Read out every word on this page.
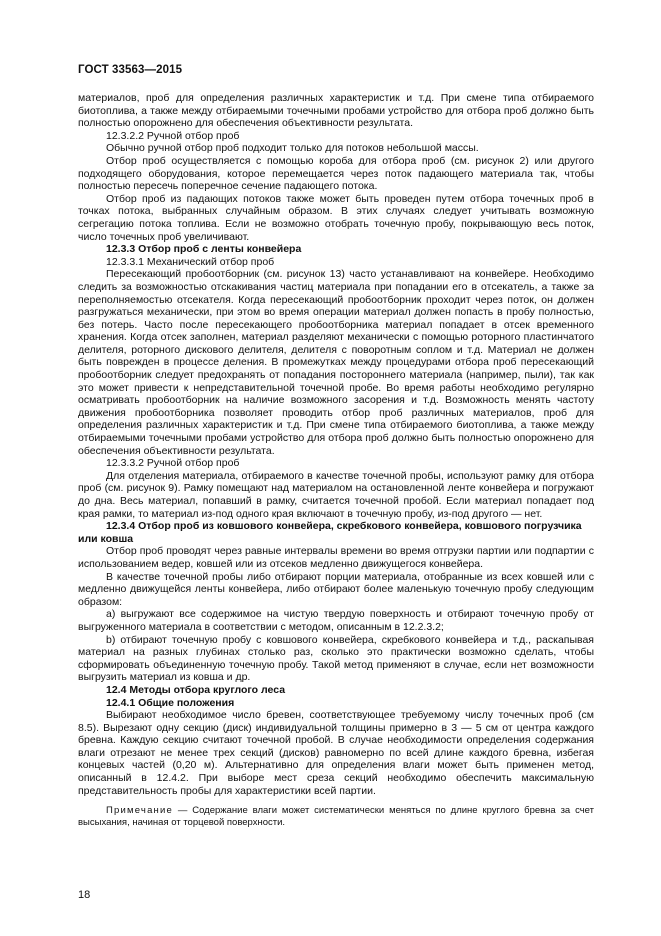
ГОСТ 33563—2015

материалов, проб для определения различных характеристик и т.д. При смене типа отбираемого биотоплива, а также между отбираемыми точечными пробами устройство для отбора проб должно быть полностью опорожнено для обеспечения объективности результата.

12.3.2.2 Ручной отбор проб

Обычно ручной отбор проб подходит только для потоков небольшой массы.

Отбор проб осуществляется с помощью короба для отбора проб (см. рисунок 2) или другого подходящего оборудования, которое перемещается через поток падающего материала так, чтобы полностью пересечь поперечное сечение падающего потока.

Отбор проб из падающих потоков также может быть проведен путем отбора точечных проб в точках потока, выбранных случайным образом. В этих случаях следует учитывать возможную сегрегацию потока топлива. Если не возможно отобрать точечную пробу, покрывающую весь поток, число точечных проб увеличивают.

12.3.3 Отбор проб с ленты конвейера

12.3.3.1 Механический отбор проб

Пересекающий пробоотборник (см. рисунок 13) часто устанавливают на конвейере. Необходимо следить за возможностью отскакивания частиц материала при попадании его в отсекатель, а также за переполняемостью отсекателя. Когда пересекающий пробоотборник проходит через поток, он должен разгружаться механически, при этом во время операции материал должен попасть в пробу полностью, без потерь. Часто после пересекающего пробоотборника материал попадает в отсек временного хранения. Когда отсек заполнен, материал разделяют механически с помощью роторного пластинчатого делителя, роторного дискового делителя, делителя с поворотным соплом и т.д. Материал не должен быть поврежден в процессе деления. В промежутках между процедурами отбора проб пересекающий пробоотборник следует предохранять от попадания постороннего материала (например, пыли), так как это может привести к непредставительной точечной пробе. Во время работы необходимо регулярно осматривать пробоотборник на наличие возможного засорения и т.д. Возможность менять частоту движения пробоотборника позволяет проводить отбор проб различных материалов, проб для определения различных характеристик и т.д. При смене типа отбираемого биотоплива, а также между отбираемыми точечными пробами устройство для отбора проб должно быть полностью опорожнено для обеспечения объективности результата.

12.3.3.2 Ручной отбор проб

Для отделения материала, отбираемого в качестве точечной пробы, используют рамку для отбора проб (см. рисунок 9). Рамку помещают над материалом на остановленной ленте конвейера и погружают до дна. Весь материал, попавший в рамку, считается точечной пробой. Если материал попадает под края рамки, то материал из-под одного края включают в точечную пробу, из-под другого — нет.

12.3.4 Отбор проб из ковшового конвейера, скребкового конвейера, ковшового погрузчика или ковша

Отбор проб проводят через равные интервалы времени во время отгрузки партии или подпартии с использованием ведер, ковшей или из отсеков медленно движущегося конвейера.

В качестве точечной пробы либо отбирают порции материала, отобранные из всех ковшей или с медленно движущейся ленты конвейера, либо отбирают более маленькую точечную пробу следующим образом:

а) выгружают все содержимое на чистую твердую поверхность и отбирают точечную пробу от выгруженного материала в соответствии с методом, описанным в 12.2.3.2;

b) отбирают точечную пробу с ковшового конвейера, скребкового конвейера и т.д., раскапывая материал на разных глубинах столько раз, сколько это практически возможно сделать, чтобы сформировать объединенную точечную пробу. Такой метод применяют в случае, если нет возможности выгрузить материал из ковша и др.

12.4 Методы отбора круглого леса

12.4.1 Общие положения

Выбирают необходимое число бревен, соответствующее требуемому числу точечных проб (см 8.5). Вырезают одну секцию (диск) индивидуальной толщины примерно в 3 — 5 см от центра каждого бревна. Каждую секцию считают точечной пробой. В случае необходимости определения содержания влаги отрезают не менее трех секций (дисков) равномерно по всей длине каждого бревна, избегая концевых частей (0,20 м). Альтернативно для определения влаги может быть применен метод, описанный в 12.4.2. При выборе мест среза секций необходимо обеспечить максимальную представительность пробы для характеристики всей партии.

Примечание — Содержание влаги может систематически меняться по длине круглого бревна за счет высыхания, начиная от торцевой поверхности.

18
